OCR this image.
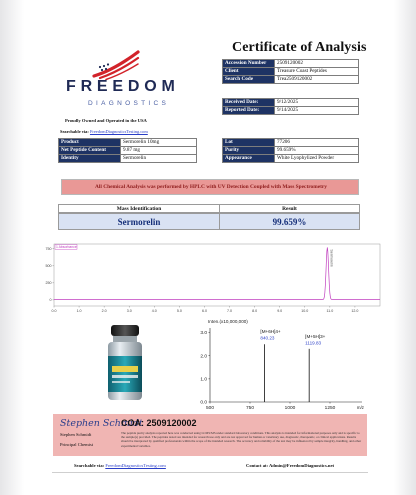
Certificate of Analysis
FREEDOM
DIAGNOSTICS
Proudly Owned and Operated in the USA
Searchable via: FreedomDiagnosticsTesting.com
Accession Number	2509120002
Client	Treasure Coast Peptides
Search Code	Trea2509120002
Received Date:	9/12/2025
Reported Date:	9/14/2025
Product	Sermorelin 10mg
Net Peptide Content	9.87 mg
Identity	Sermorelin
Lot	77206
Purity	99.659%
Appearance	White Lyophylized Powder
All Chemical Analysis was performed by HPLC with UV Detection Coupled with Mass Spectrometry
Mass Identification	Result
Sermorelin	99.659%
0.0	1.0	2.0	3.0	4.0	5.0	6.0	7.0	8.0	9.0	10.0	11.0	12.0
750
500
250
0
1 Absorbance
Sermorelin
Inten.(x10,000,000)
3.0
2.0
1.0
0.0
500	750	1000	1250	m/z
[M+6H]4+
840.23	[M+5H]3+
1119.83
Stephen Schmidt
Stephen Schmidt
Principal Chemist
COA: 2509120002
The peptide purity analysis reported here was conducted using LCMS/MS under standard laboratory conditions. This analysis is intended for informational purposes only and is specific to the sample(s) provided. The peptides tested are intended for research use only and are not approved for human or veterinary use, diagnostic, therapeutic, or clinical applications. Results should be interpreted by qualified professionals within the scope of the intended research. The accuracy and reliability of the test may be influenced by sample integrity, handling, and other experimental variables.
Searchable via: FreedomDiagnosticsTesting.com	Contact at: Admin@FreedomDiagnostics.net
